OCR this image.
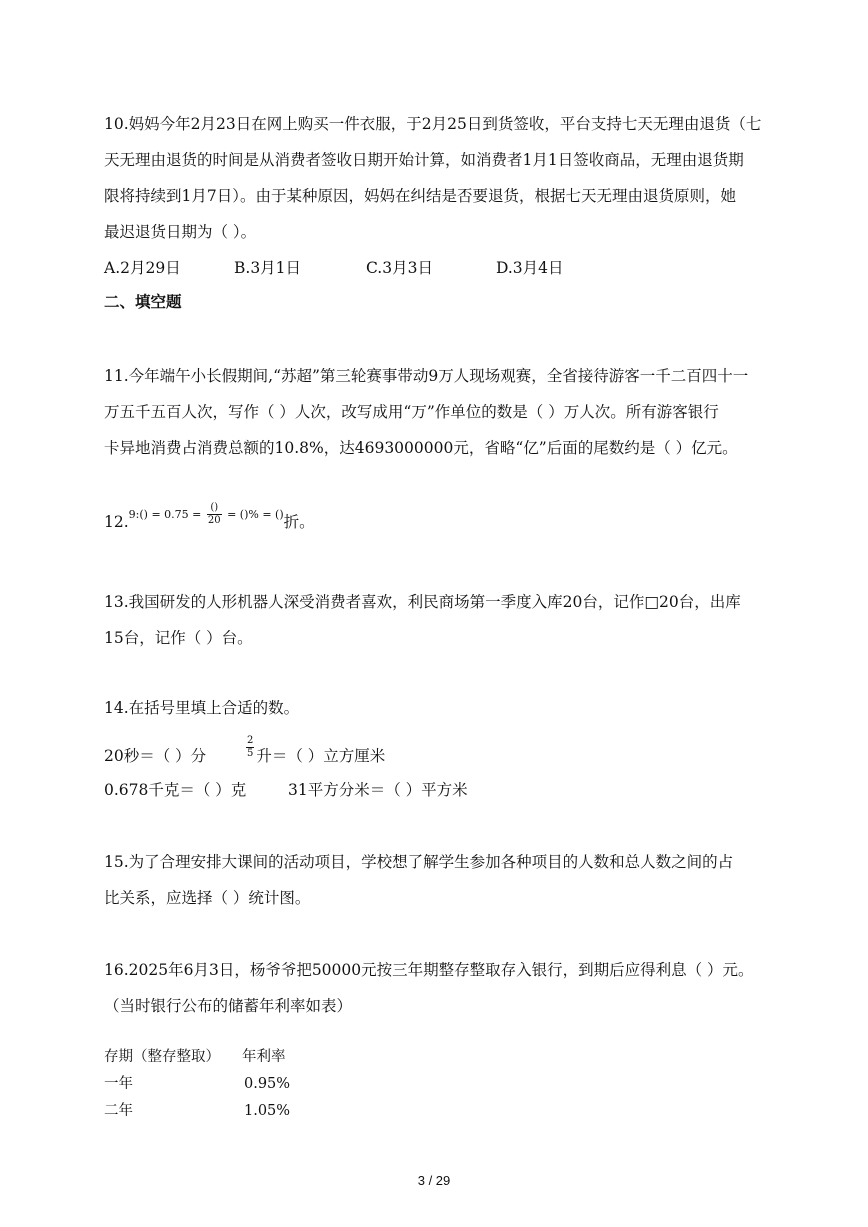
10.妈妈今年2月23日在网上购买一件衣服，于2月25日到货签收，平台支持七天无理由退货（七
天无理由退货的时间是从消费者签收日期开始计算，如消费者1月1日签收商品，无理由退货期
限将持续到1月7日）。由于某种原因，妈妈在纠结是否要退货，根据七天无理由退货原则，她
最迟退货日期为（ ）。
A.2月29日	B.3月1日	C.3月3日	D.3月4日
二、填空题
11.今年端午小长假期间,“苏超”第三轮赛事带动9万人现场观赛，全省接待游客一千二百四十一
万五千五百人次，写作（ ）人次，改写成用“万”作单位的数是（ ）万人次。所有游客银行
卡异地消费占消费总额的10.8%，达4693000000元，省略“亿”后面的尾数约是（ ）亿元。
$12.^{9:() = 0.75 =} \frac{()}{20} ^{= ()\% = ()}$折。
13.我国研发的人形机器人深受消费者喜欢，利民商场第一季度入库20台，记作□20台，出库
15台，记作（ ）台。
14.在括号里填上合适的数。
20秒＝（ ）分	$\frac{2}{5}$ 升＝（ ）立方厘米
0.678千克＝（ ）克	31平方分米＝（ ）平方米
15.为了合理安排大课间的活动项目，学校想了解学生参加各种项目的人数和总人数之间的占
比关系，应选择（ ）统计图。
16.2025年6月3日，杨爷爷把50000元按三年期整存整取存入银行，到期后应得利息（ ）元。
（当时银行公布的储蓄年利率如表）
存期（整存整取） 年利率
一年	0.95%
二年	1.05%
3 / 29
